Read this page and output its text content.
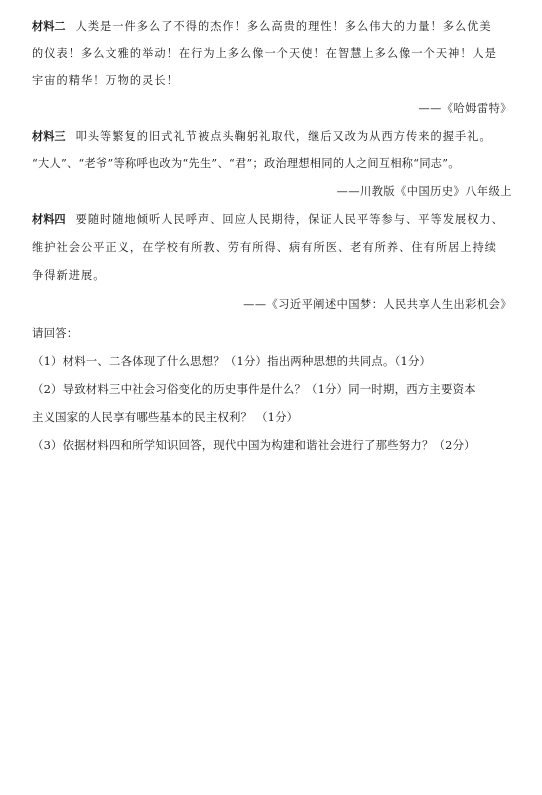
材料二 人类是一件多么了不得的杰作！多么高贵的理性！多么伟大的力量！多么优美
的仪表！多么文雅的举动！在行为上多么像一个天使！在智慧上多么像一个天神！人是
宇宙的精华！万物的灵长！
——《哈姆雷特》
材料三 叩头等繁复的旧式礼节被点头鞠躬礼取代，继后又改为从西方传来的握手礼。
“大人”、“老爷”等称呼也改为“先生”、“君”；政治理想相同的人之间互相称“同志”。
——川教版《中国历史》八年级上
材料四 要随时随地倾听人民呼声、回应人民期待，保证人民平等参与、平等发展权力、
维护社会公平正义，在学校有所教、劳有所得、病有所医、老有所养、住有所居上持续
争得新进展。
——《习近平阐述中国梦：人民共享人生出彩机会》
请回答：
（1）材料一、二各体现了什么思想？（1分）指出两种思想的共同点。（1分）
（2）导致材料三中社会习俗变化的历史事件是什么？（1分）同一时期，西方主要资本
主义国家的人民享有哪些基本的民主权利？ （1分）
（3）依据材料四和所学知识回答，现代中国为构建和谐社会进行了那些努力？（2分）
